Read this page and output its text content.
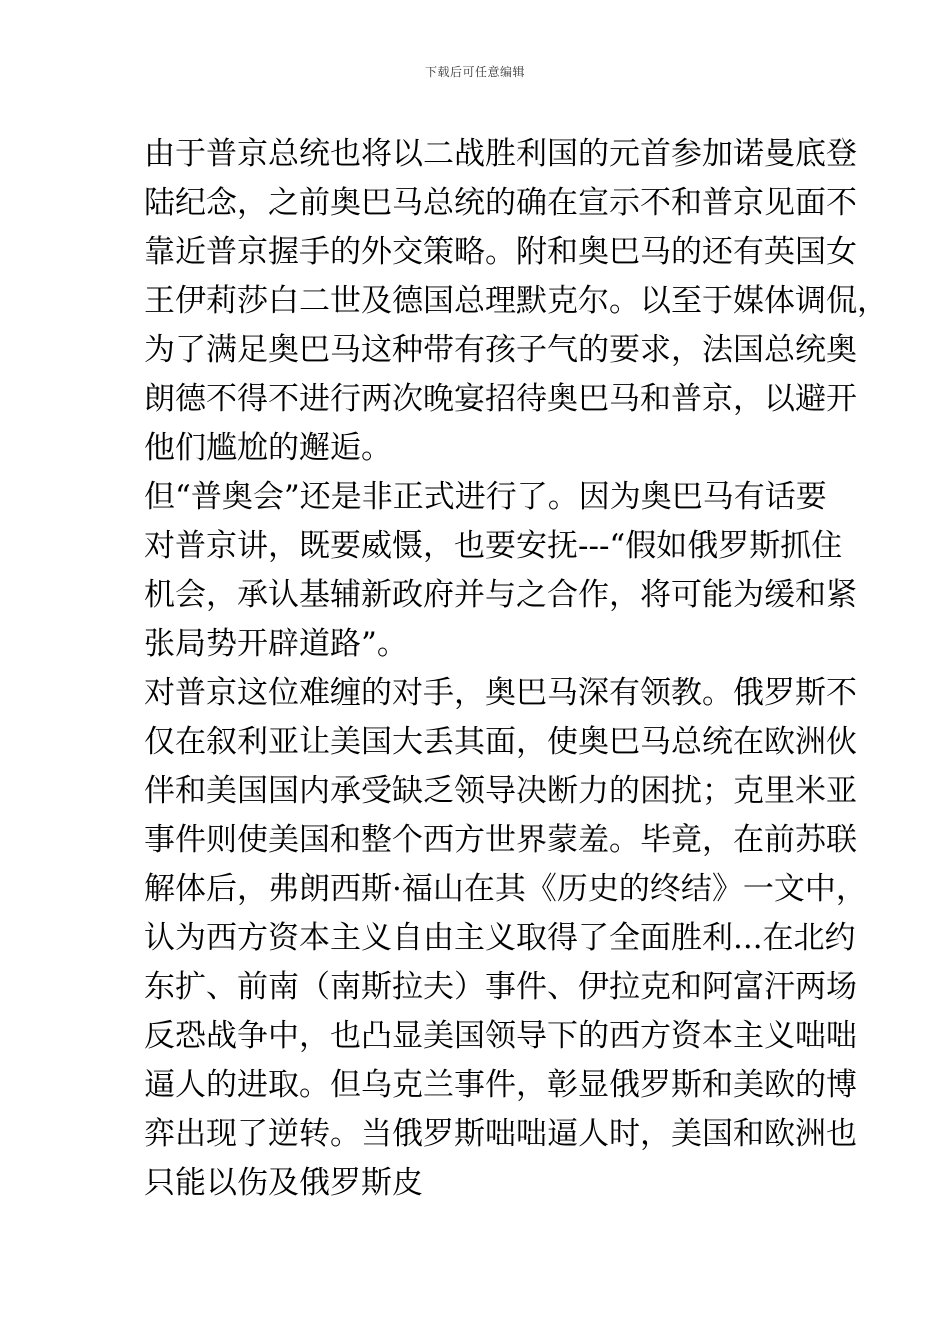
下载后可任意编辑
由于普京总统也将以二战胜利国的元首参加诺曼底登
陆纪念，之前奥巴马总统的确在宣示不和普京见面不
靠近普京握手的外交策略。附和奥巴马的还有英国女
王伊莉莎白二世及德国总理默克尔。以至于媒体调侃，
为了满足奥巴马这种带有孩子气的要求，法国总统奥
朗德不得不进行两次晚宴招待奥巴马和普京，以避开
他们尴尬的邂逅。
但“普奥会”还是非正式进行了。因为奥巴马有话要
对普京讲，既要威慑，也要安抚---“假如俄罗斯抓住
机会，承认基辅新政府并与之合作，将可能为缓和紧
张局势开辟道路”。
对普京这位难缠的对手，奥巴马深有领教。俄罗斯不
仅在叙利亚让美国大丢其面，使奥巴马总统在欧洲伙
伴和美国国内承受缺乏领导决断力的困扰；克里米亚
事件则使美国和整个西方世界蒙羞。毕竟，在前苏联
解体后，弗朗西斯·福山在其《历史的终结》一文中，
认为西方资本主义自由主义取得了全面胜利...在北约
东扩、前南（南斯拉夫）事件、伊拉克和阿富汗两场
反恐战争中，也凸显美国领导下的西方资本主义咄咄
逼人的进取。但乌克兰事件，彰显俄罗斯和美欧的博
弈出现了逆转。当俄罗斯咄咄逼人时，美国和欧洲也
只能以伤及俄罗斯皮
